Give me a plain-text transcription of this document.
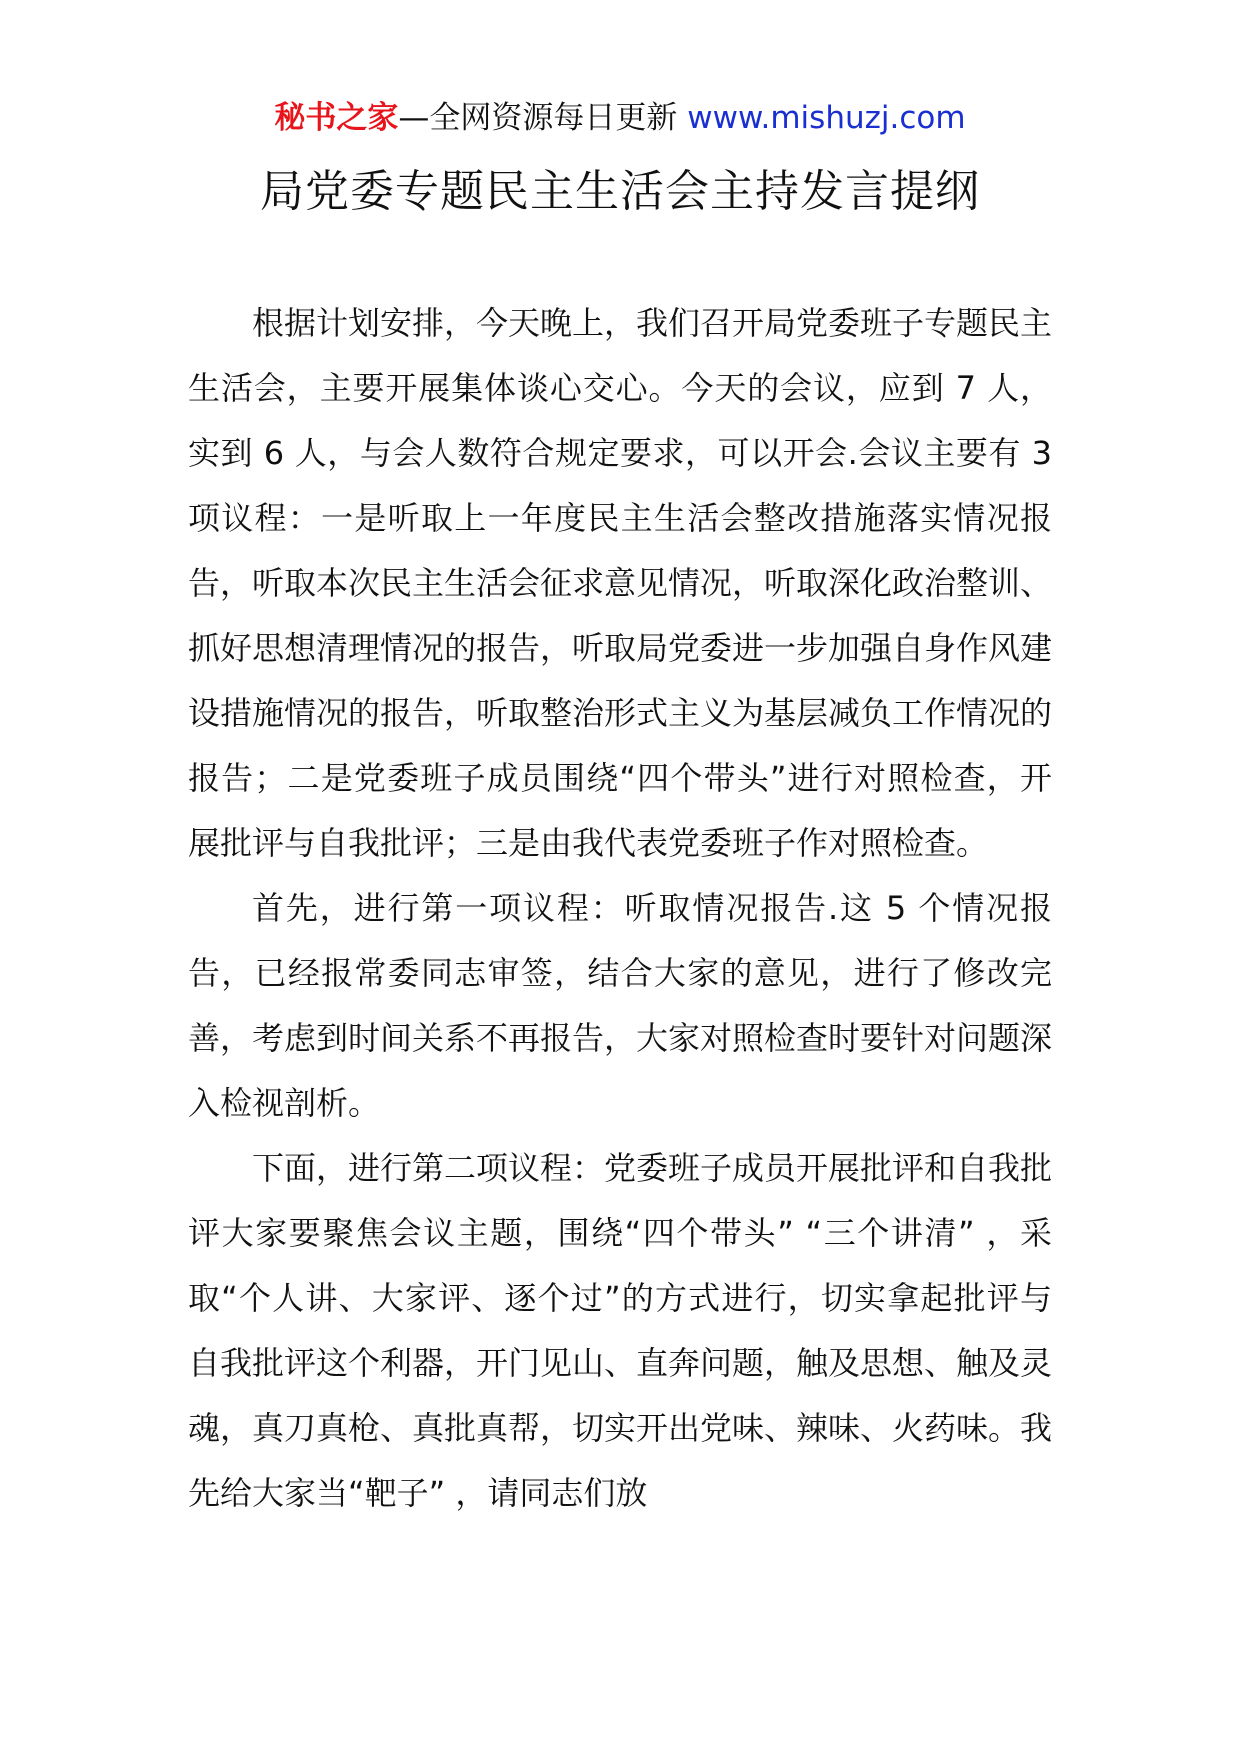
秘书之家—全网资源每日更新 www.mishuzj.com
局党委专题民主生活会主持发言提纲

根据计划安排，今天晚上，我们召开局党委班子专题民主生活会，主要开展集体谈心交心。今天的会议，应到 7 人，实到 6 人，与会人数符合规定要求，可以开会.会议主要有 3 项议程：一是听取上一年度民主生活会整改措施落实情况报告，听取本次民主生活会征求意见情况，听取深化政治整训、抓好思想清理情况的报告，听取局党委进一步加强自身作风建设措施情况的报告，听取整治形式主义为基层减负工作情况的报告；二是党委班子成员围绕“四个带头”进行对照检查，开展批评与自我批评；三是由我代表党委班子作对照检查。

首先，进行第一项议程：听取情况报告.这 5 个情况报告，已经报常委同志审签，结合大家的意见，进行了修改完善，考虑到时间关系不再报告，大家对照检查时要针对问题深入检视剖析。

下面，进行第二项议程：党委班子成员开展批评和自我批评大家要聚焦会议主题，围绕“四个带头” “三个讲清” ，采取“个人讲、大家评、逐个过”的方式进行，切实拿起批评与自我批评这个利器，开门见山、直奔问题，触及思想、触及灵魂，真刀真枪、真批真帮，切实开出党味、辣味、火药味。我先给大家当“靶子” ，请同志们放
